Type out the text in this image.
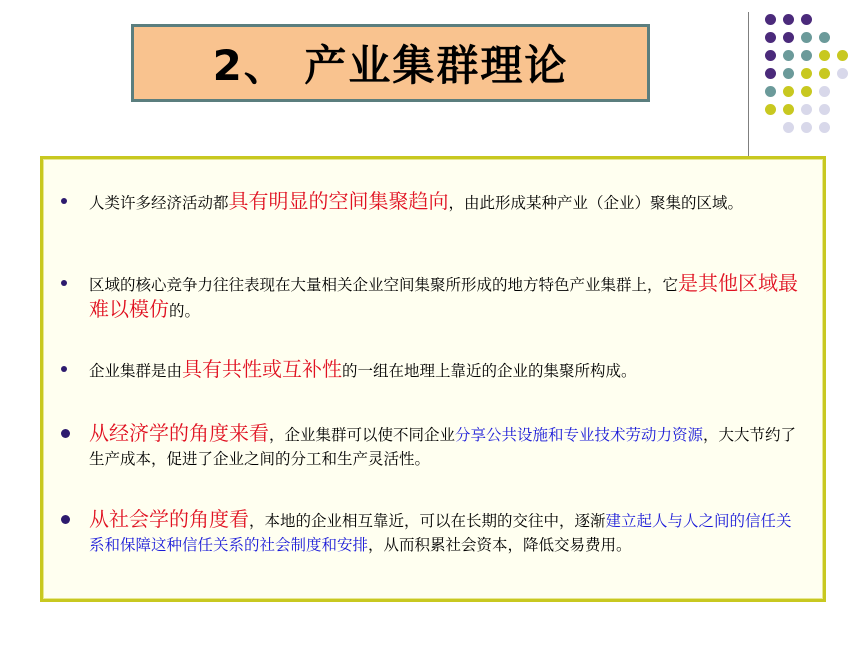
2、 产业集群理论
人类许多经济活动都具有明显的空间集聚趋向，由此形成某种产业（企业）聚集的区域。
区域的核心竞争力往往表现在大量相关企业空间集聚所形成的地方特色产业集群上，它是其他区域最难以模仿的。
企业集群是由具有共性或互补性的一组在地理上靠近的企业的集聚所构成。
从经济学的角度来看，企业集群可以使不同企业分享公共设施和专业技术劳动力资源，大大节约了生产成本，促进了企业之间的分工和生产灵活性。
从社会学的角度看，本地的企业相互靠近，可以在长期的交往中，逐渐建立起人与人之间的信任关系和保障这种信任关系的社会制度和安排，从而积累社会资本，降低交易费用。
